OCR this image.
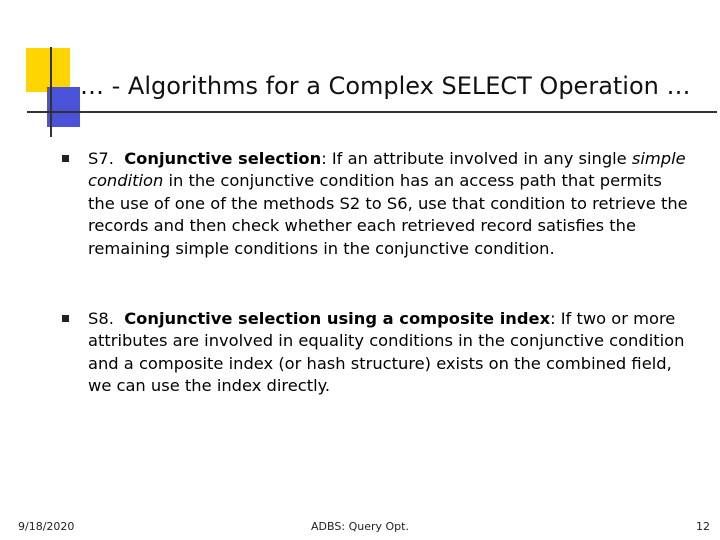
… - Algorithms for a Complex SELECT Operation …
S7. Conjunctive selection: If an attribute involved in any single simple condition in the conjunctive condition has an access path that permits the use of one of the methods S2 to S6, use that condition to retrieve the records and then check whether each retrieved record satisfies the remaining simple conditions in the conjunctive condition.
S8. Conjunctive selection using a composite index: If two or more attributes are involved in equality conditions in the conjunctive condition and a composite index (or hash structure) exists on the combined field, we can use the index directly.
9/18/2020	ADBS: Query Opt.	12
